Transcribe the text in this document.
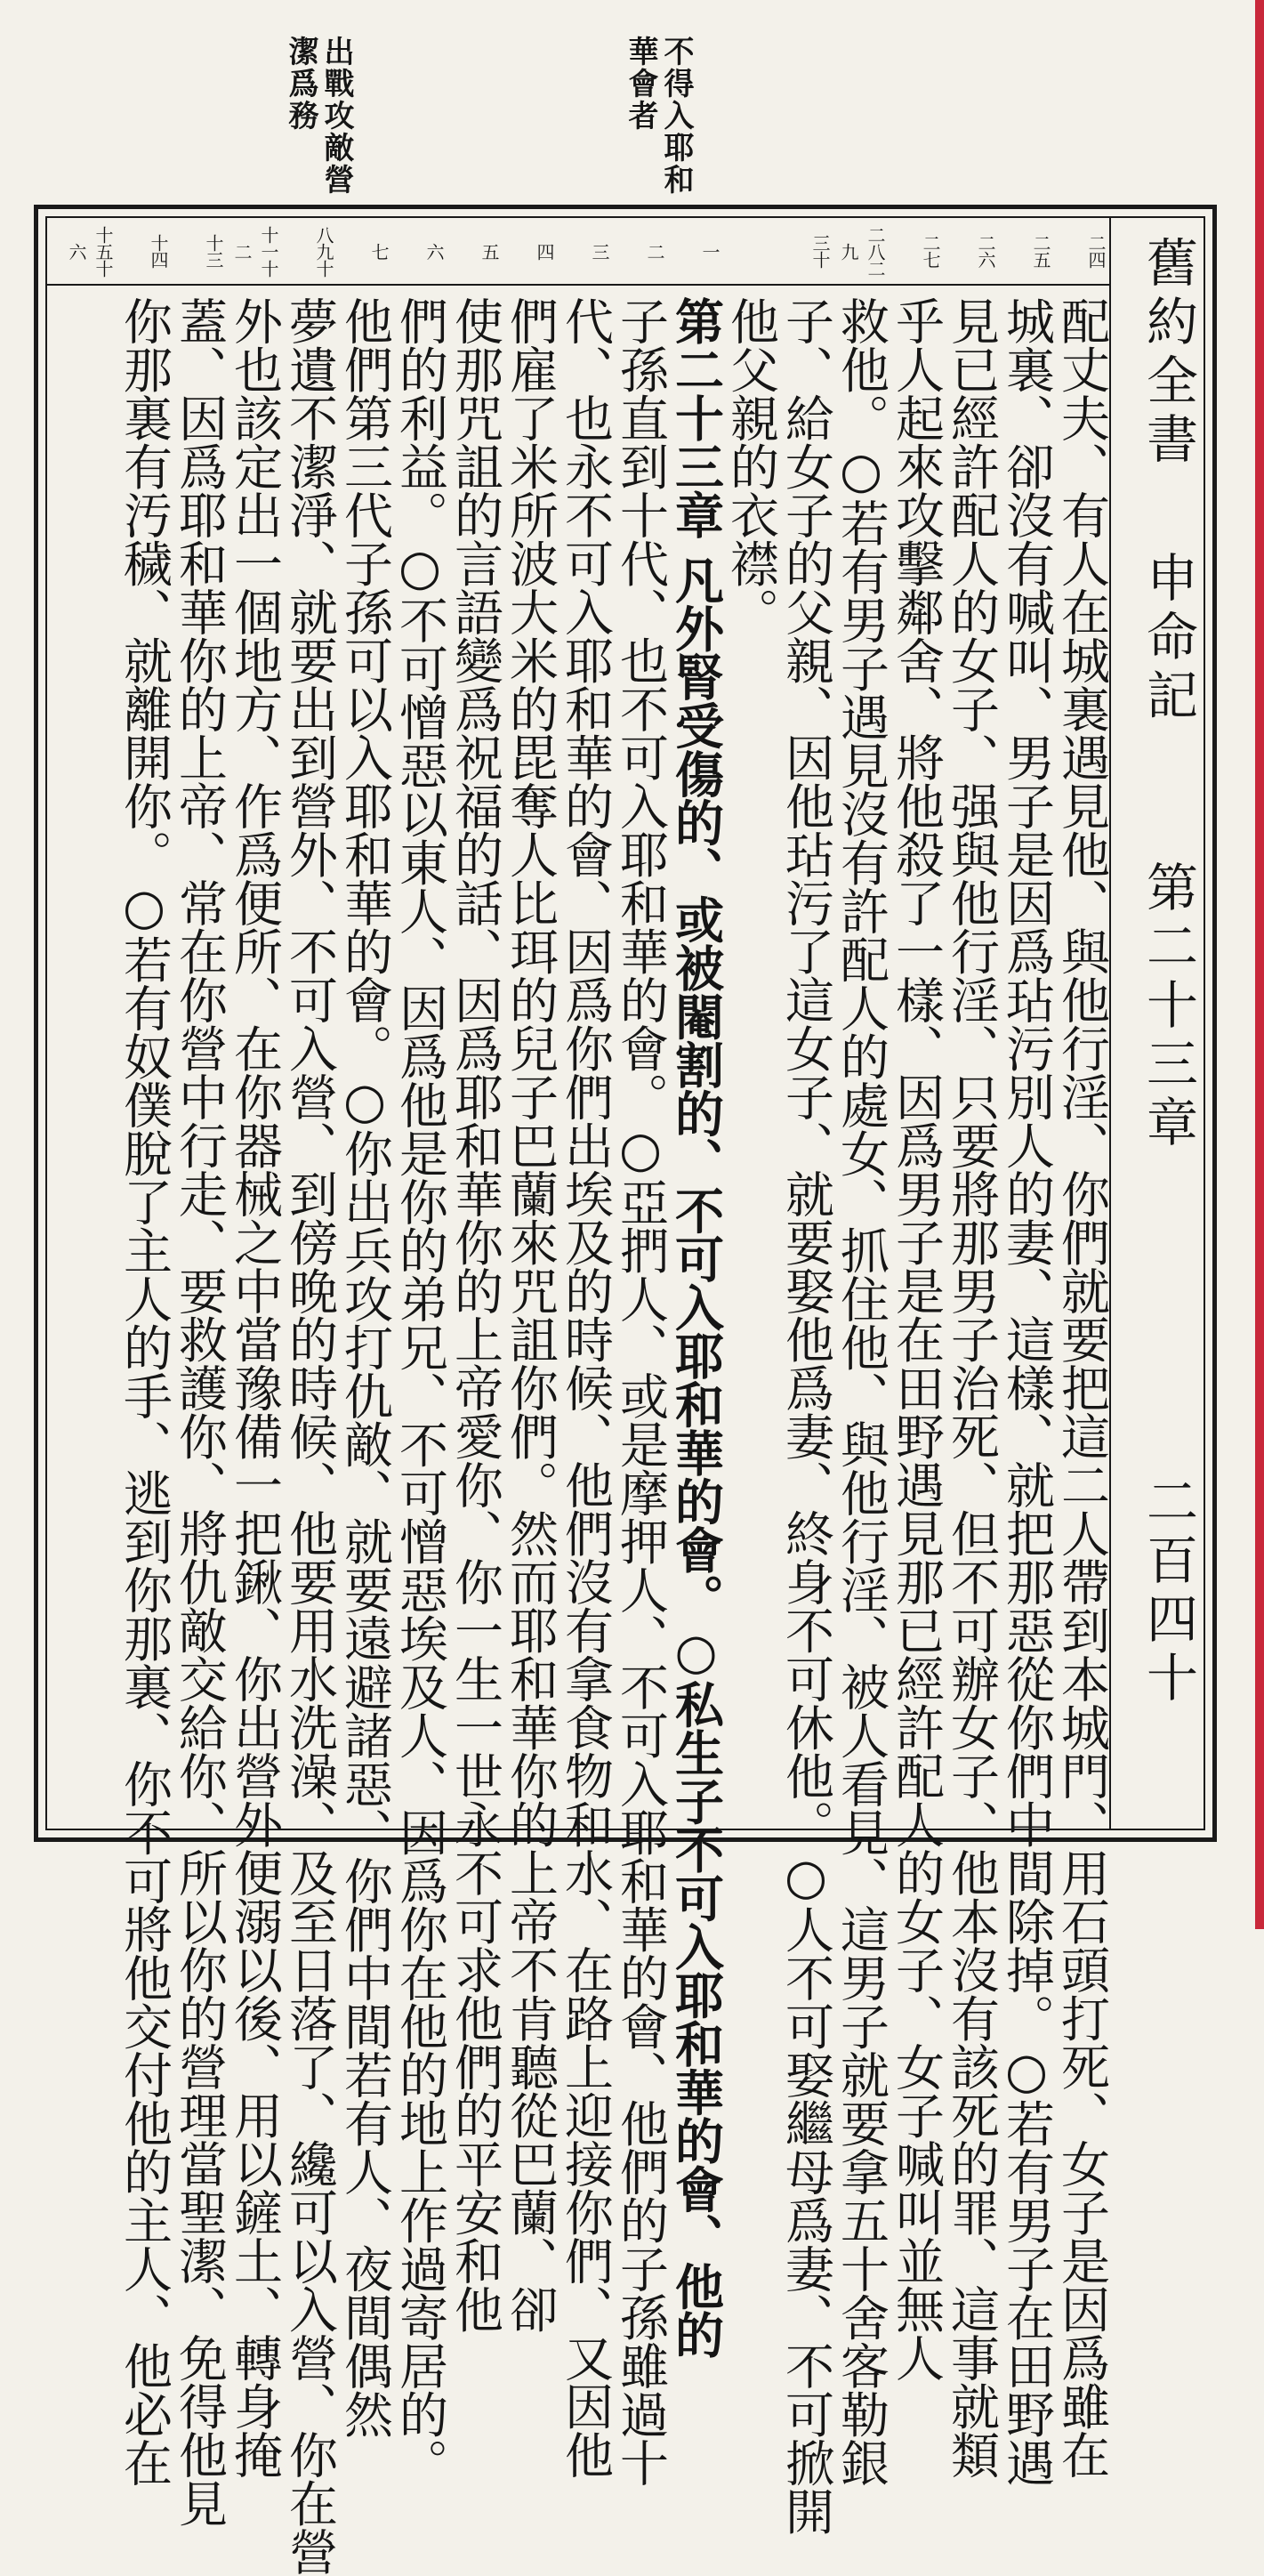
出戰攻敵營潔爲務	不得入耶和華會者
舊約全書申命記第二十三章二百四十
二四
二五
二六
二七
二八二九
三十
一
二
三
四
五
六
七
八九十
十一十二
十三
十四
十五十六
配丈夫、有人在城裏遇見他、與他行淫、你們就要把這二人帶到本城門、用石頭打死、女子是因爲雖在
城裏、卻沒有喊叫、男子是因爲玷污別人的妻、這樣、就把那惡從你們中間除掉。○若有男子在田野遇
見已經許配人的女子、强與他行淫、只要將那男子治死、但不可辦女子、他本沒有該死的罪、這事就類
乎人起來攻擊鄰舍、將他殺了一樣、因爲男子是在田野遇見那已經許配人的女子、女子喊叫並無人
救他。○若有男子遇見沒有許配人的處女、抓住他、與他行淫、被人看見、這男子就要拿五十舍客勒銀
子、給女子的父親、因他玷污了這女子、就要娶他爲妻、終身不可休他。○人不可娶繼母爲妻、不可掀開
他父親的衣襟。
第二十三章 凡外腎受傷的、或被閹割的、不可入耶和華的會。○私生子不可入耶和華的會、他的
子孫直到十代、也不可入耶和華的會。○亞捫人、或是摩押人、不可入耶和華的會、他們的子孫雖過十
代、也永不可入耶和華的會、因爲你們出埃及的時候、他們沒有拿食物和水、在路上迎接你們、又因他
們雇了米所波大米的毘奪人比珥的兒子巴蘭來咒詛你們。然而耶和華你的上帝不肯聽從巴蘭、卻
使那咒詛的言語變爲祝福的話、因爲耶和華你的上帝愛你、你一生一世永不可求他們的平安和他
們的利益。○不可憎惡以東人、因爲他是你的弟兄、不可憎惡埃及人、因爲你在他的地上作過寄居的。
他們第三代子孫可以入耶和華的會。○你出兵攻打仇敵、就要遠避諸惡、你們中間若有人、夜間偶然
夢遺不潔淨、就要出到營外、不可入營、到傍晚的時候、他要用水洗澡、及至日落了、纔可以入營、你在營
外也該定出一個地方、作爲便所、在你器械之中當豫備一把鍬、你出營外便溺以後、用以鏟土、轉身掩
蓋、因爲耶和華你的上帝、常在你營中行走、要救護你、將仇敵交給你、所以你的營理當聖潔、免得他見
你那裏有汚穢、就離開你。○若有奴僕脫了主人的手、逃到你那裏、你不可將他交付他的主人、他必在
